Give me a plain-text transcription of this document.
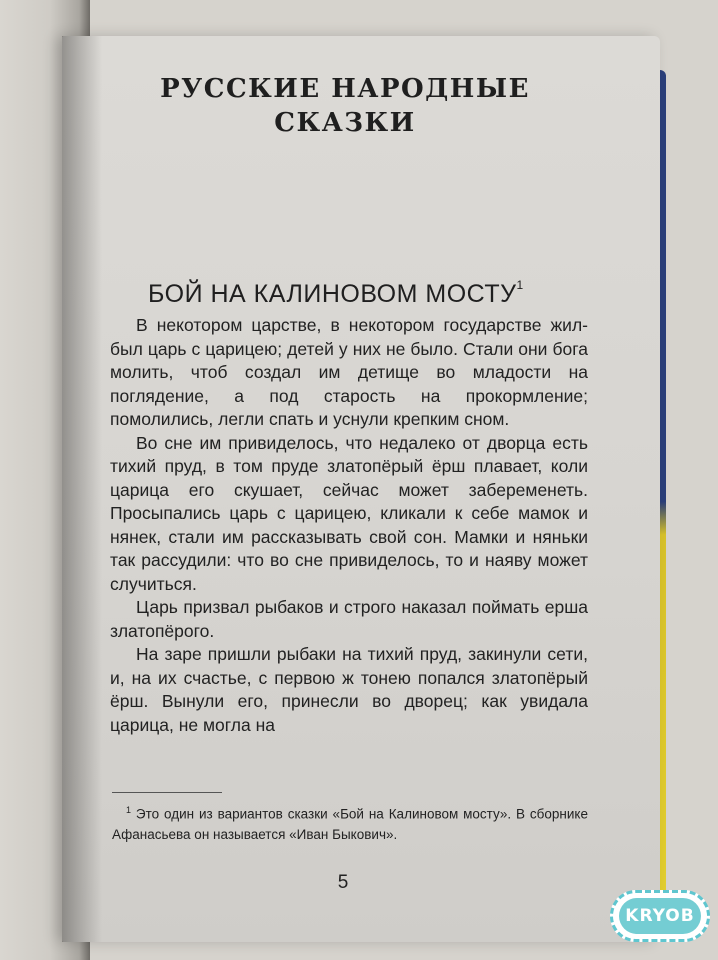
РУССКИЕ НАРОДНЫЕ СКАЗКИ
БОЙ НА КАЛИНОВОМ МОСТУ$^1$

В некотором царстве, в некотором государстве жил-был царь с царицею; детей у них не было. Стали они бога молить, чтоб создал им детище во младости на поглядение, а под старость на прокормление; помолились, легли спать и уснули крепким сном.

Во сне им привиделось, что недалеко от дворца есть тихий пруд, в том пруде златопёрый ёрш плавает, коли царица его скушает, сейчас может забеременеть. Просыпались царь с царицею, кликали к себе мамок и нянек, стали им рассказывать свой сон. Мамки и няньки так рассудили: что во сне привиделось, то и наяву может случиться.

Царь призвал рыбаков и строго наказал поймать ерша златопёрого.

На заре пришли рыбаки на тихий пруд, закинули сети, и, на их счастье, с первою ж тонею попался златопёрый ёрш. Вынули его, принесли во дворец; как увидала царица, не могла на

$^1$ Это один из вариантов сказки «Бой на Калиновом мосту». В сборнике Афанасьева он называется «Иван Быкович».

5
KRYOB
